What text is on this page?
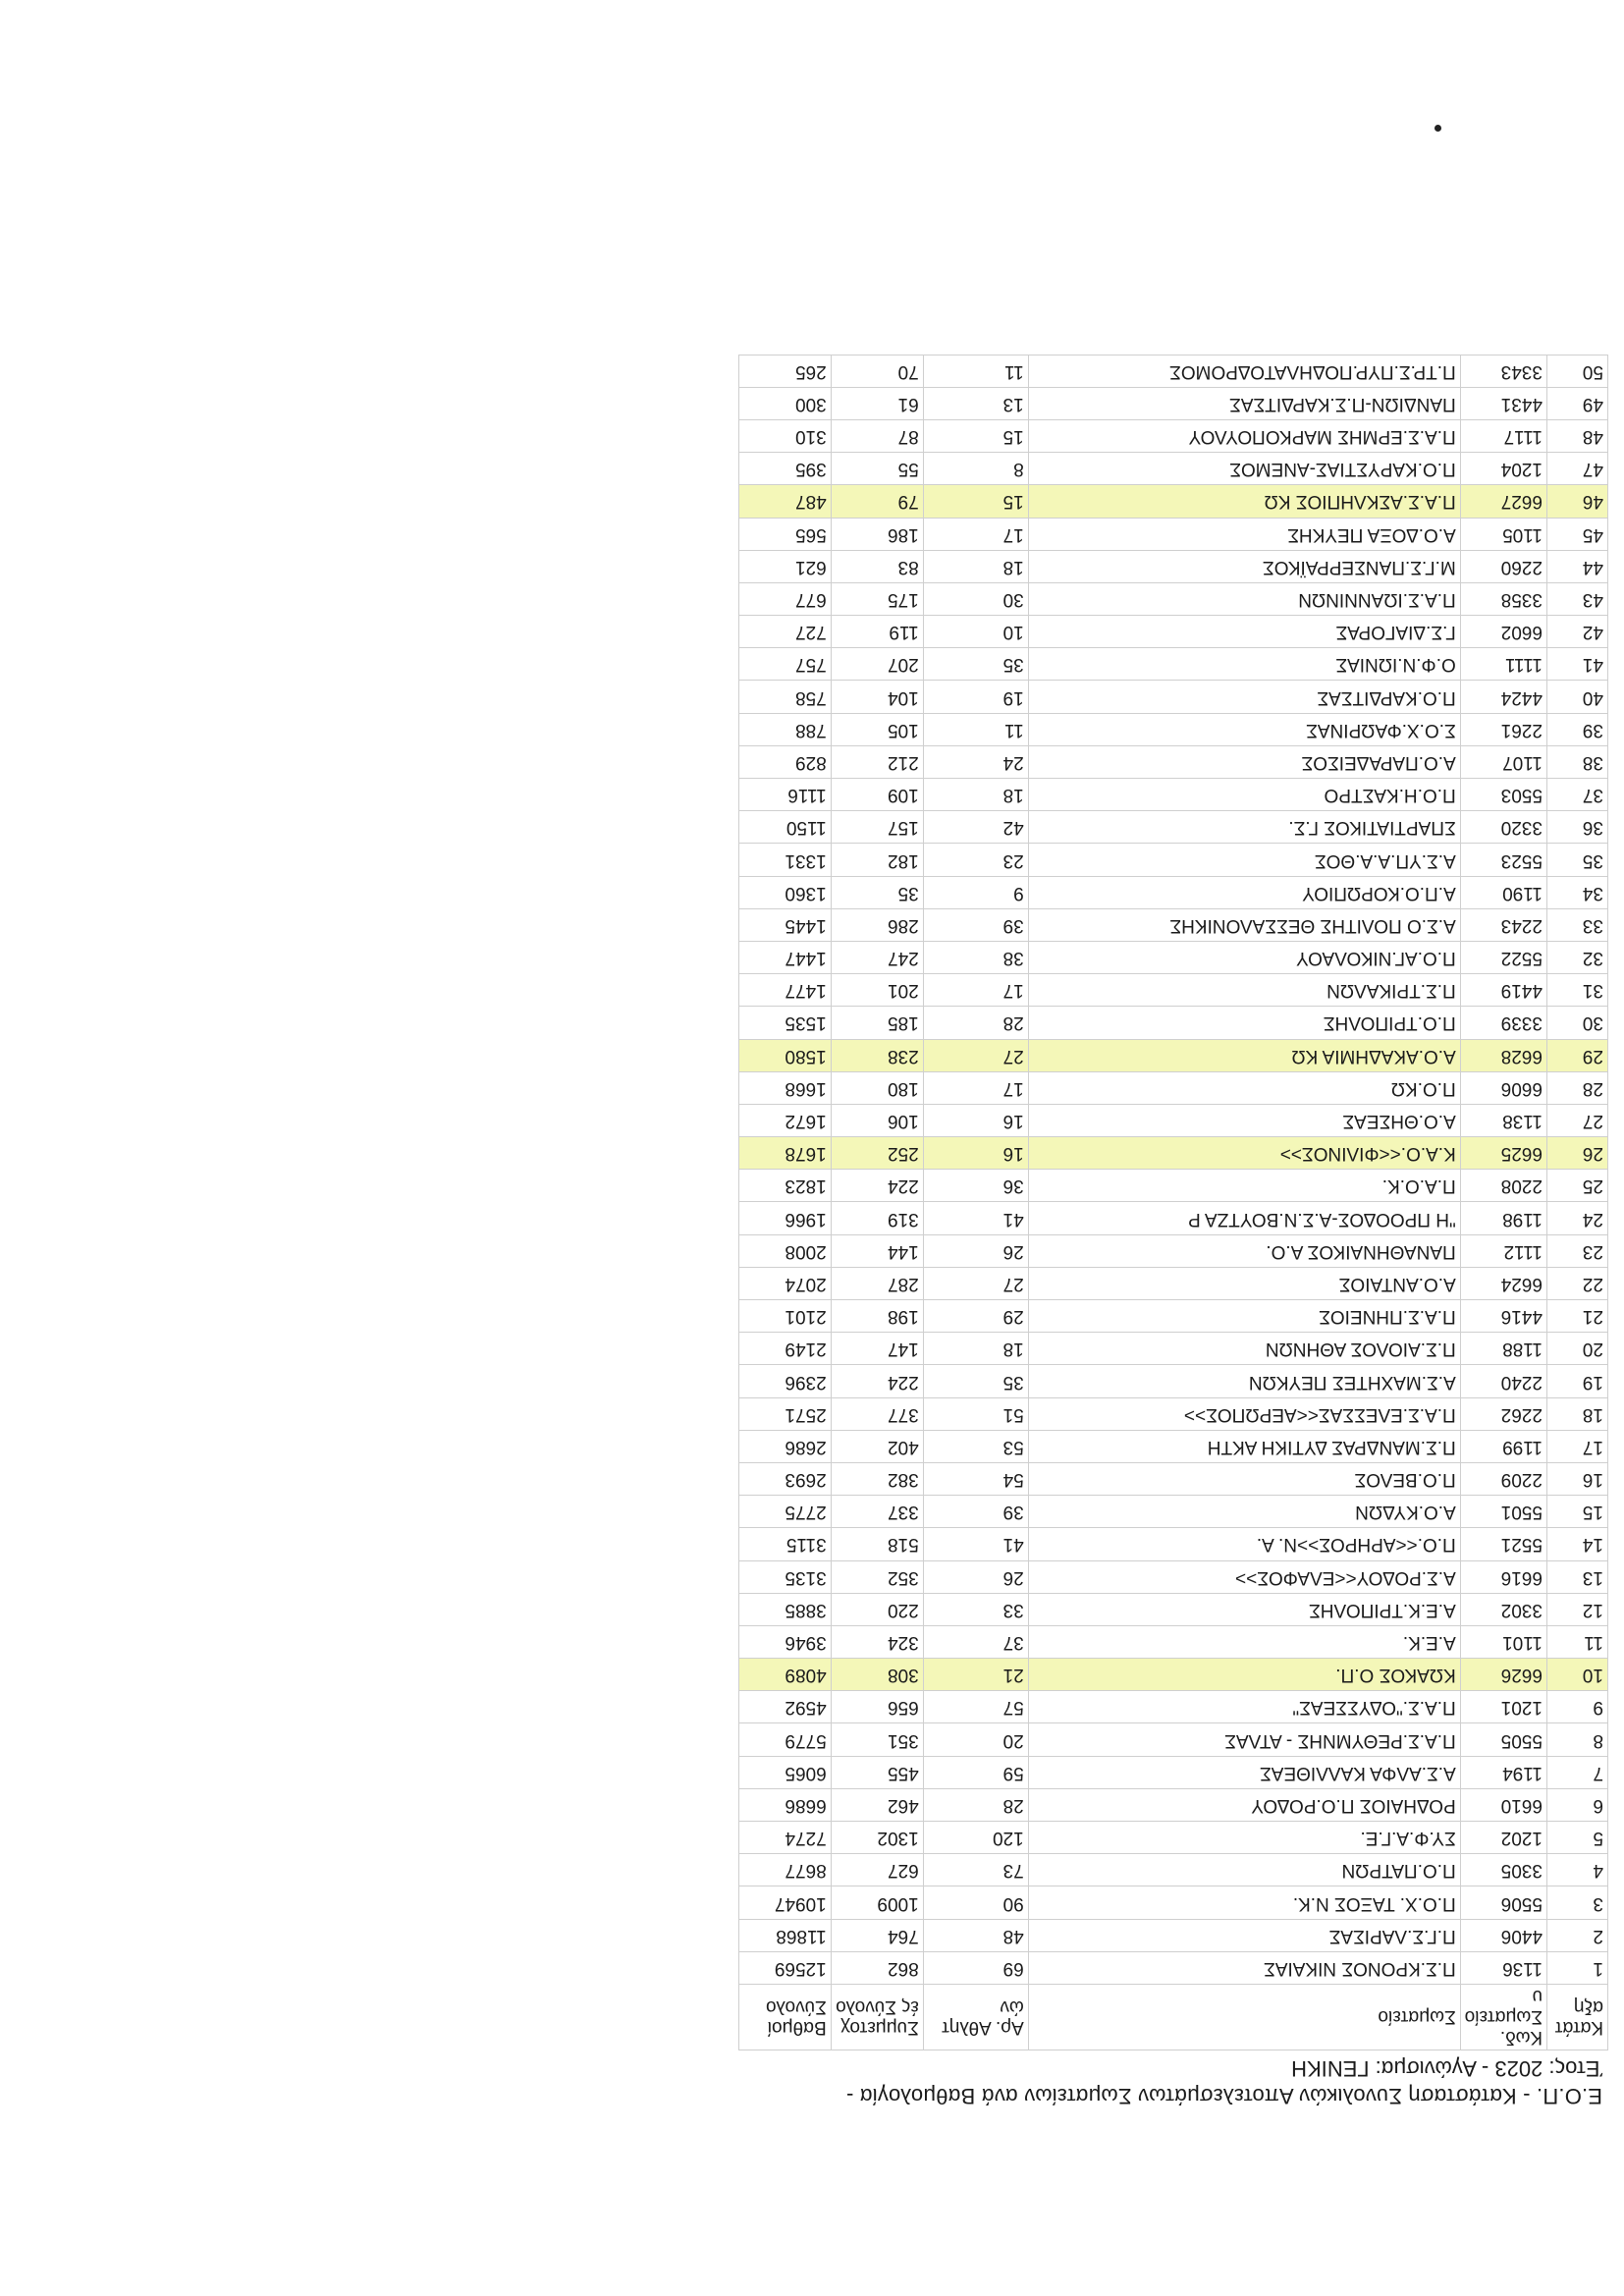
Ε.Ο.Π. - Κατάσταση Συνολικών Αποτελεσμάτων Σωματείων ανά Βαθμολογία -
Έτος: 2023 - Αγώνισμα: ΓΕΝΙΚΗ
Κατάτ αξη	Κωδ. Σωματείο υ	Σωματείο	Αρ. Αθλητ ών	Συμμετοχ ές Σύνολο	Βαθμοί Σύνολο
1	1136	Π.Σ.ΚΡΟΝΟΣ ΝΙΚΑΙΑΣ	69	862	12569
2	4406	Π.Γ.Σ.ΛΑΡΙΣΑΣ	48	764	11868
3	5506	Π.Ο.Χ. ΤΑΞΟΣ Ν.Κ.	90	1009	10947
4	3305	Π.Ο.ΠΑΤΡΩΝ	73	627	8677
5	1202	ΣΥ.Φ.Α.Γ.Ε.	120	1302	7274
6	6610	ΡΟΔΗΑΙΟΣ Π.Ο.ΡΟΔΟΥ	28	462	6686
7	1194	Α.Σ.ΑΛΦΑ ΚΑΛΛΙΘΕΑΣ	59	455	6065
8	5505	Π.Α.Σ.ΡΕΘΥΜΝΗΣ - ΑΤΛΑΣ	20	351	5779
9	1201	Π.Α.Σ."ΟΔΥΣΣΕΑΣ"	57	656	4592
10	6626	ΚΩΑΚΟΣ Ο.Π.	21	308	4089
11	1101	Α.Ε.Κ.	37	324	3946
12	3302	Α.Ε.Κ.ΤΡΙΠΟΛΗΣ	33	220	3885
13	6616	Α.Σ.ΡΟΔΟΥ<<ΕΛΑΦΟΣ>>	26	352	3135
14	5521	Π.Ο.<<ΑΡΗΡΟΣ>>Ν. Α.	41	518	3115
15	5501	Α.Ο.ΚΥΔΩΝ	39	337	2775
16	2209	Π.Ο.ΒΕΛΟΣ	54	382	2693
17	1199	Π.Σ.ΜΑΝΔΡΑΣ ΔΥΤΙΚΗ ΑΚΤΗ	53	402	2686
18	2262	Π.Α.Σ.ΕΛΕΣΣΑΣ<<ΑΕΡΩΠΟΣ>>	51	377	2571
19	2240	Α.Σ.ΜΑΧΗΤΕΣ ΠΕΥΚΩΝ	35	224	2396
20	1188	Π.Σ.ΑΙΟΛΟΣ ΑΘΗΝΩΝ	18	147	2149
21	4416	Π.Α.Σ.ΠΗΝΕΙΟΣ	29	198	2101
22	6624	Α.Ο.ΑΝΤΑΙΟΣ	27	287	2074
23	1112	ΠΑΝΑΘΗΝΑΙΚΟΣ Α.Ο.	26	144	2008
24	1198	"Η ΠΡΟΟΔΟΣ-Α.Σ.Ν.ΒΟΥΤΖΑ Ρ	41	319	1966
25	2208	Π.Α.Ο.Κ.	36	224	1823
26	6625	Κ.Α.Ο.<<ΦΙΛΙΝΟΣ>>	16	252	1678
27	1138	Α.Ο.ΘΗΣΕΑΣ	16	106	1672
28	6606	Π.Ο.ΚΩ	17	180	1668
29	6628	Α.Ο.ΑΚΑΔΗΜΙΑ ΚΩ	27	238	1580
30	3339	Π.Ο.ΤΡΙΠΟΛΗΣ	28	185	1535
31	4419	Π.Σ.ΤΡΙΚΑΛΩΝ	17	201	1477
32	5522	Π.Ο.ΑΓ.ΝΙΚΟΛΑΟΥ	38	247	1447
33	2243	Α.Σ.Ο ΠΟΛΙΤΗΣ ΘΕΣΣΑΛΟΝΙΚΗΣ	39	286	1445
34	1190	Α.Π.Ο.ΚΟΡΩΠΙΟΥ	9	35	1360
35	5523	Α.Σ.ΥΠ.Α.Α.ΘΟΣ	23	182	1331
36	3320	ΣΠΑΡΤΙΑΤΙΚΟΣ Γ.Σ.	42	157	1150
37	5503	Π.Ο.Η.ΚΑΣΤΡΟ	18	109	1116
38	1107	Α.Ο.ΠΑΡΑΔΕΙΣΟΣ	24	212	829
39	2261	Σ.Ο.Χ.ΦΑΩΡΙΝΑΣ	11	105	788
40	4424	Π.Ο.ΚΑΡΔΙΤΣΑΣ	19	104	758
41	1111	Ο.Φ.Ν.ΙΩΝΙΑΣ	35	207	757
42	6602	Γ.Σ.ΔΙΑΓΟΡΑΣ	10	119	727
43	3358	Π.Α.Σ.ΙΩΑΝΝΙΝΩΝ	30	175	677
44	2260	Μ.Γ.Σ.ΠΑΝΣΕΡΡΑΪΚΟΣ	18	83	621
45	1105	Α.Ο.ΔΟΞΑ ΠΕΥΚΗΣ	17	186	565
46	6627	Π.Α.Σ.ΑΣΚΛΗΠΙΟΣ ΚΩ	15	79	487
47	1204	Π.Ο.ΚΑΡΥΣΤΙΑΣ-ΑΝΕΜΟΣ	8	55	395
48	1117	Π.Α.Σ.ΕΡΜΗΣ ΜΑΡΚΟΠΟΥΛΟΥ	15	87	310
49	4431	ΠΑΝΔΙΩΝ-Π.Σ.ΚΑΡΔΙΤΣΑΣ	13	61	300
50	3343	Π.ΤΡ.Σ.ΠΥΡ.ΠΟΔΗΛΑΤΟΔΡΟΜΟΣ	11	70	265
